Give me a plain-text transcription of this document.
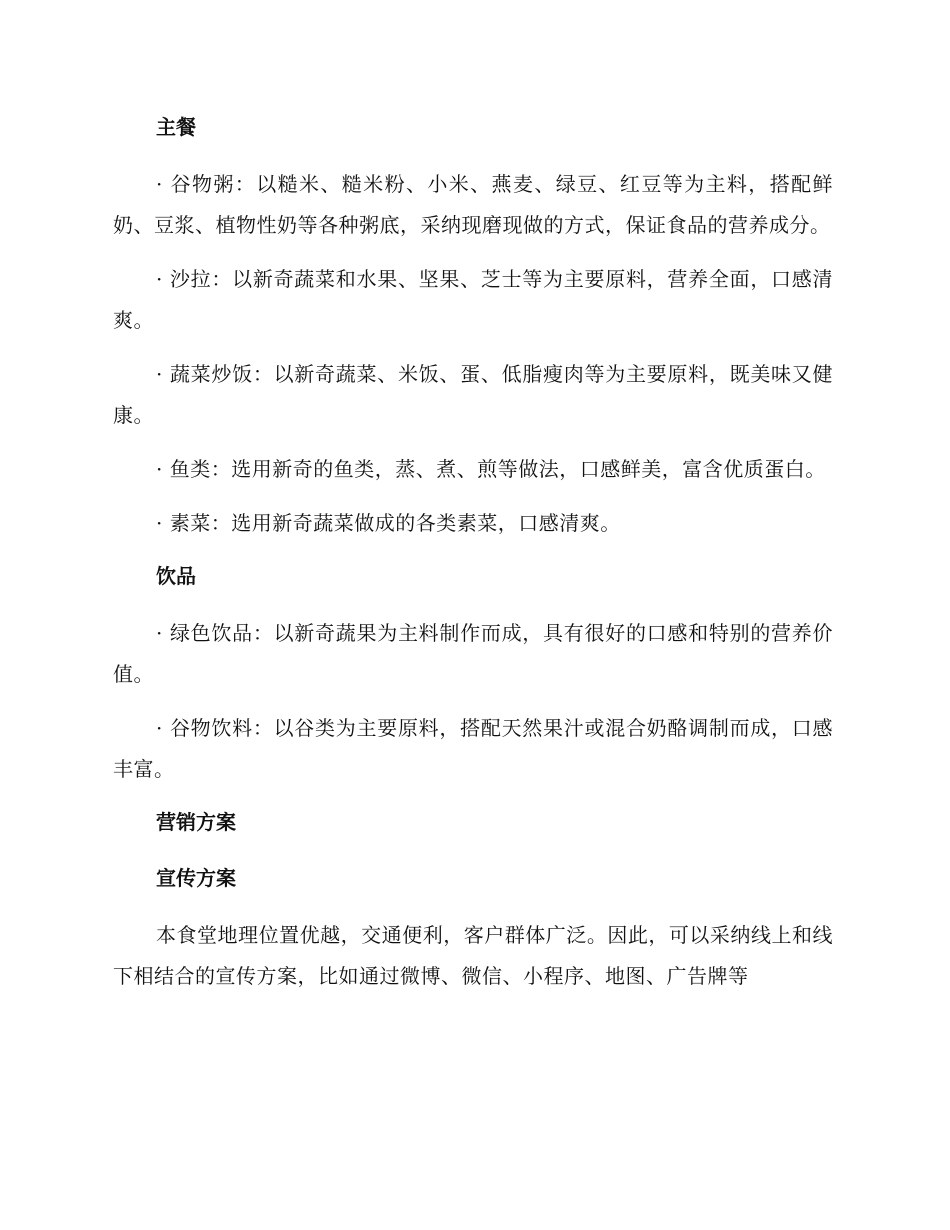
主餐

· 谷物粥：以糙米、糙米粉、小米、燕麦、绿豆、红豆等为主料，搭配鲜奶、豆浆、植物性奶等各种粥底，采纳现磨现做的方式，保证食品的营养成分。

· 沙拉：以新奇蔬菜和水果、坚果、芝士等为主要原料，营养全面，口感清爽。

· 蔬菜炒饭：以新奇蔬菜、米饭、蛋、低脂瘦肉等为主要原料，既美味又健康。

· 鱼类：选用新奇的鱼类，蒸、煮、煎等做法，口感鲜美，富含优质蛋白。

· 素菜：选用新奇蔬菜做成的各类素菜，口感清爽。

饮品

· 绿色饮品：以新奇蔬果为主料制作而成，具有很好的口感和特别的营养价值。

· 谷物饮料：以谷类为主要原料，搭配天然果汁或混合奶酪调制而成，口感丰富。

营销方案
宣传方案

本食堂地理位置优越，交通便利，客户群体广泛。因此，可以采纳线上和线下相结合的宣传方案，比如通过微博、微信、小程序、地图、广告牌等
